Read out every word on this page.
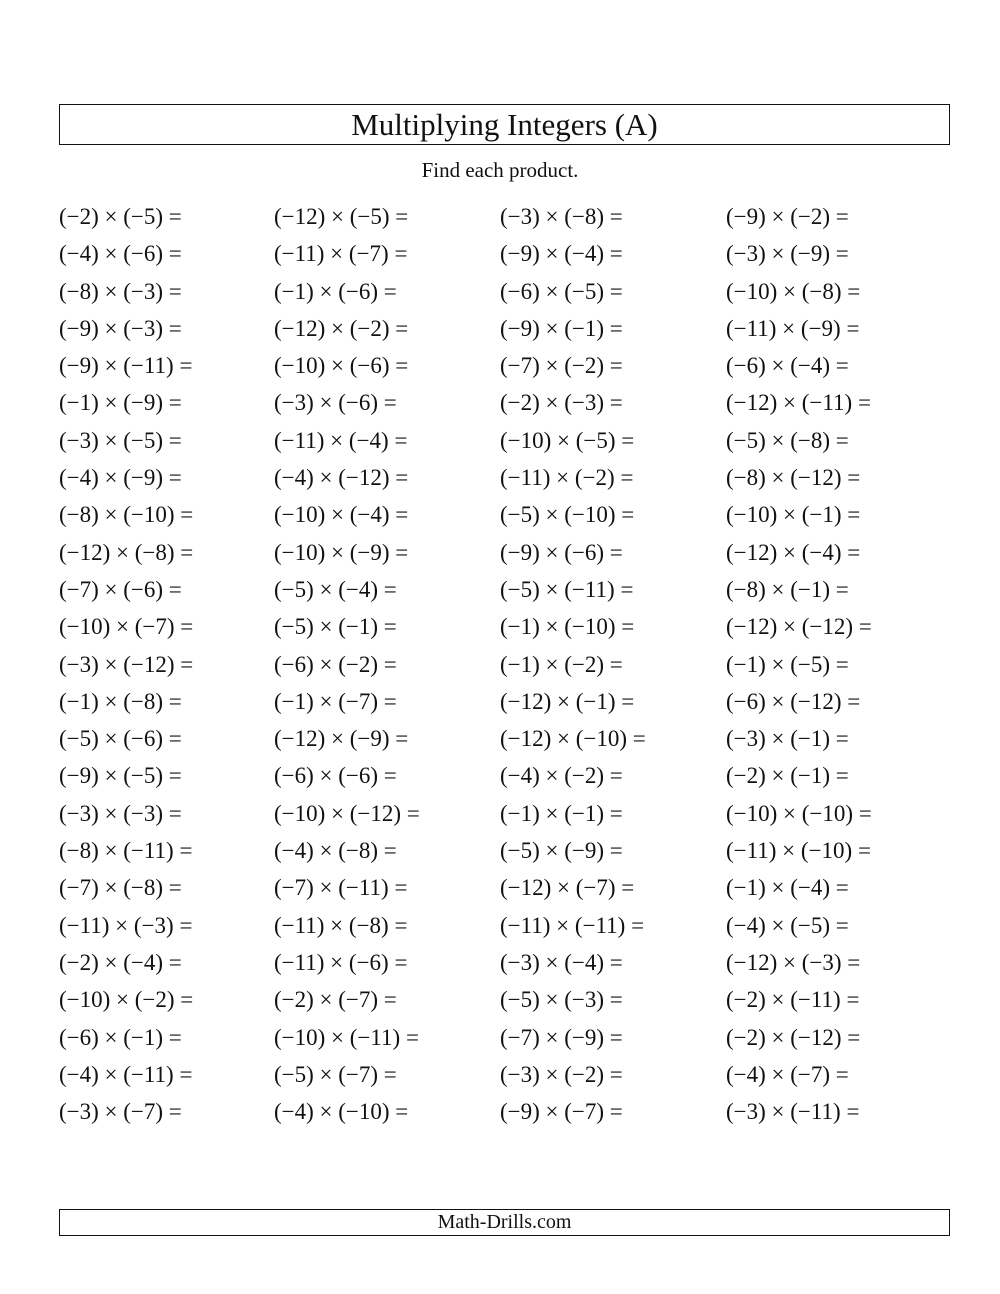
Multiplying Integers (A)
Find each product.
(−2) × (−5) =	(−12) × (−5) =	(−3) × (−8) =	(−9) × (−2) =
(−4) × (−6) =	(−11) × (−7) =	(−9) × (−4) =	(−3) × (−9) =
(−8) × (−3) =	(−1) × (−6) =	(−6) × (−5) =	(−10) × (−8) =
(−9) × (−3) =	(−12) × (−2) =	(−9) × (−1) =	(−11) × (−9) =
(−9) × (−11) =	(−10) × (−6) =	(−7) × (−2) =	(−6) × (−4) =
(−1) × (−9) =	(−3) × (−6) =	(−2) × (−3) =	(−12) × (−11) =
(−3) × (−5) =	(−11) × (−4) =	(−10) × (−5) =	(−5) × (−8) =
(−4) × (−9) =	(−4) × (−12) =	(−11) × (−2) =	(−8) × (−12) =
(−8) × (−10) =	(−10) × (−4) =	(−5) × (−10) =	(−10) × (−1) =
(−12) × (−8) =	(−10) × (−9) =	(−9) × (−6) =	(−12) × (−4) =
(−7) × (−6) =	(−5) × (−4) =	(−5) × (−11) =	(−8) × (−1) =
(−10) × (−7) =	(−5) × (−1) =	(−1) × (−10) =	(−12) × (−12) =
(−3) × (−12) =	(−6) × (−2) =	(−1) × (−2) =	(−1) × (−5) =
(−1) × (−8) =	(−1) × (−7) =	(−12) × (−1) =	(−6) × (−12) =
(−5) × (−6) =	(−12) × (−9) =	(−12) × (−10) =	(−3) × (−1) =
(−9) × (−5) =	(−6) × (−6) =	(−4) × (−2) =	(−2) × (−1) =
(−3) × (−3) =	(−10) × (−12) =	(−1) × (−1) =	(−10) × (−10) =
(−8) × (−11) =	(−4) × (−8) =	(−5) × (−9) =	(−11) × (−10) =
(−7) × (−8) =	(−7) × (−11) =	(−12) × (−7) =	(−1) × (−4) =
(−11) × (−3) =	(−11) × (−8) =	(−11) × (−11) =	(−4) × (−5) =
(−2) × (−4) =	(−11) × (−6) =	(−3) × (−4) =	(−12) × (−3) =
(−10) × (−2) =	(−2) × (−7) =	(−5) × (−3) =	(−2) × (−11) =
(−6) × (−1) =	(−10) × (−11) =	(−7) × (−9) =	(−2) × (−12) =
(−4) × (−11) =	(−5) × (−7) =	(−3) × (−2) =	(−4) × (−7) =
(−3) × (−7) =	(−4) × (−10) =	(−9) × (−7) =	(−3) × (−11) =
Math-Drills.com
